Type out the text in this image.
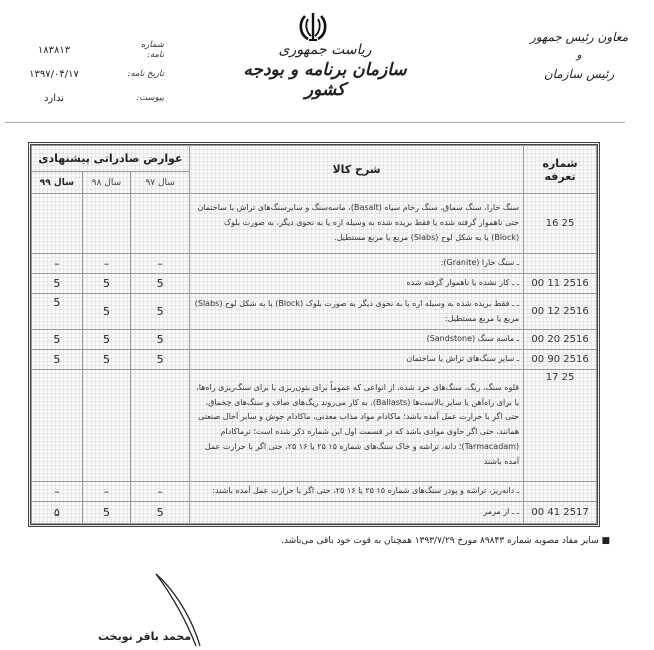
معاون رئیس جمهور
و
رئیس سازمان
ریاست جمهوری
سازمان برنامه و بودجه کشور
شماره نامه:
۱۸۳۸۱۳
تاریخ نامه:
۱۳۹۷/۰۴/۱۷
پیوست:
ندارد
شماره تعرفه	شرح کالا	عوارض صادراتی پیشنهادی		
		سال ۹۷	سال ۹۸	سال ۹۹
25 16	سنگ خارا، سنگ سماق، سنگ رخام سیاه (Basalt)، ماسه‌سنگ و سایرسنگ‌های تراش یا ساختمان حتی ناهموار گرفته شده یا فقط بریده شده به وسیله اره یا به نحوی دیگر، به صورت بلوک (Block) یا به شکل لوح (Slabs) مربع یا مربع مستطیل.			
	ـ سنگ خارا (Granite):	–	–	–
2516 11 00	ـ ـ کار نشده یا ناهموار گرفته شده	5	5	5
2516 12 00	ـ ـ فقط بریده شده به وسیله اره یا به نحوی دیگر به صورت بلوک (Block) یا به شکل لوح (Slabs) مربع یا مربع مستطیل:	5	5	5
2516 20 00	ـ ماسه سنگ (Sandstone)	5	5	5
2516 90 00	ـ سایر سنگ‌های تراش یا ساختمان	5	5	5
25 17	قلوه سنگ، ریگ، سنگ‌های خرد شده، از انواعی که عموماً برای بتون‌ریزی یا برای سنگ‌ریزی راه‌ها، یا برای راه‌آهن یا سایر بالاست‌ها (Ballasts)، به کار می‌روند ریگ‌های صاف و سنگ‌های چخماق، حتی اگر با حرارت عمل آمده باشد؛ ماکادام مواد مذاب معدنی، ماکادام جوش و سایر آخال صنعتی همانند، حتی اگر حاوی موادی باشد که در قسمت اول این شماره ذکر شده است؛ ترماکادام (Tarmacadam)؛ دانه، تراشه و خاک سنگ‌های شماره ۱۵ ۲۵ یا ۱۶ ۲۵، حتی اگر با حرارت عمل آمده باشند			
	ـ دانه‌ریز، تراشه و پودر سنگ‌های شماره ۱۵ ۲۵ یا ۱۶ ۲۵، حتی اگر با حرارت عمل آمده باشند:	–	–	–
2517 41 00	ـ ـ از مرمر	5	5	۵
■ سایر مفاد مصوبه شماره ۸۹۸۴۳ مورخ ۱۳۹۳/۷/۲۹ همچنان به قوت خود باقی می‌باشد.
محمد باقر نوبخت
